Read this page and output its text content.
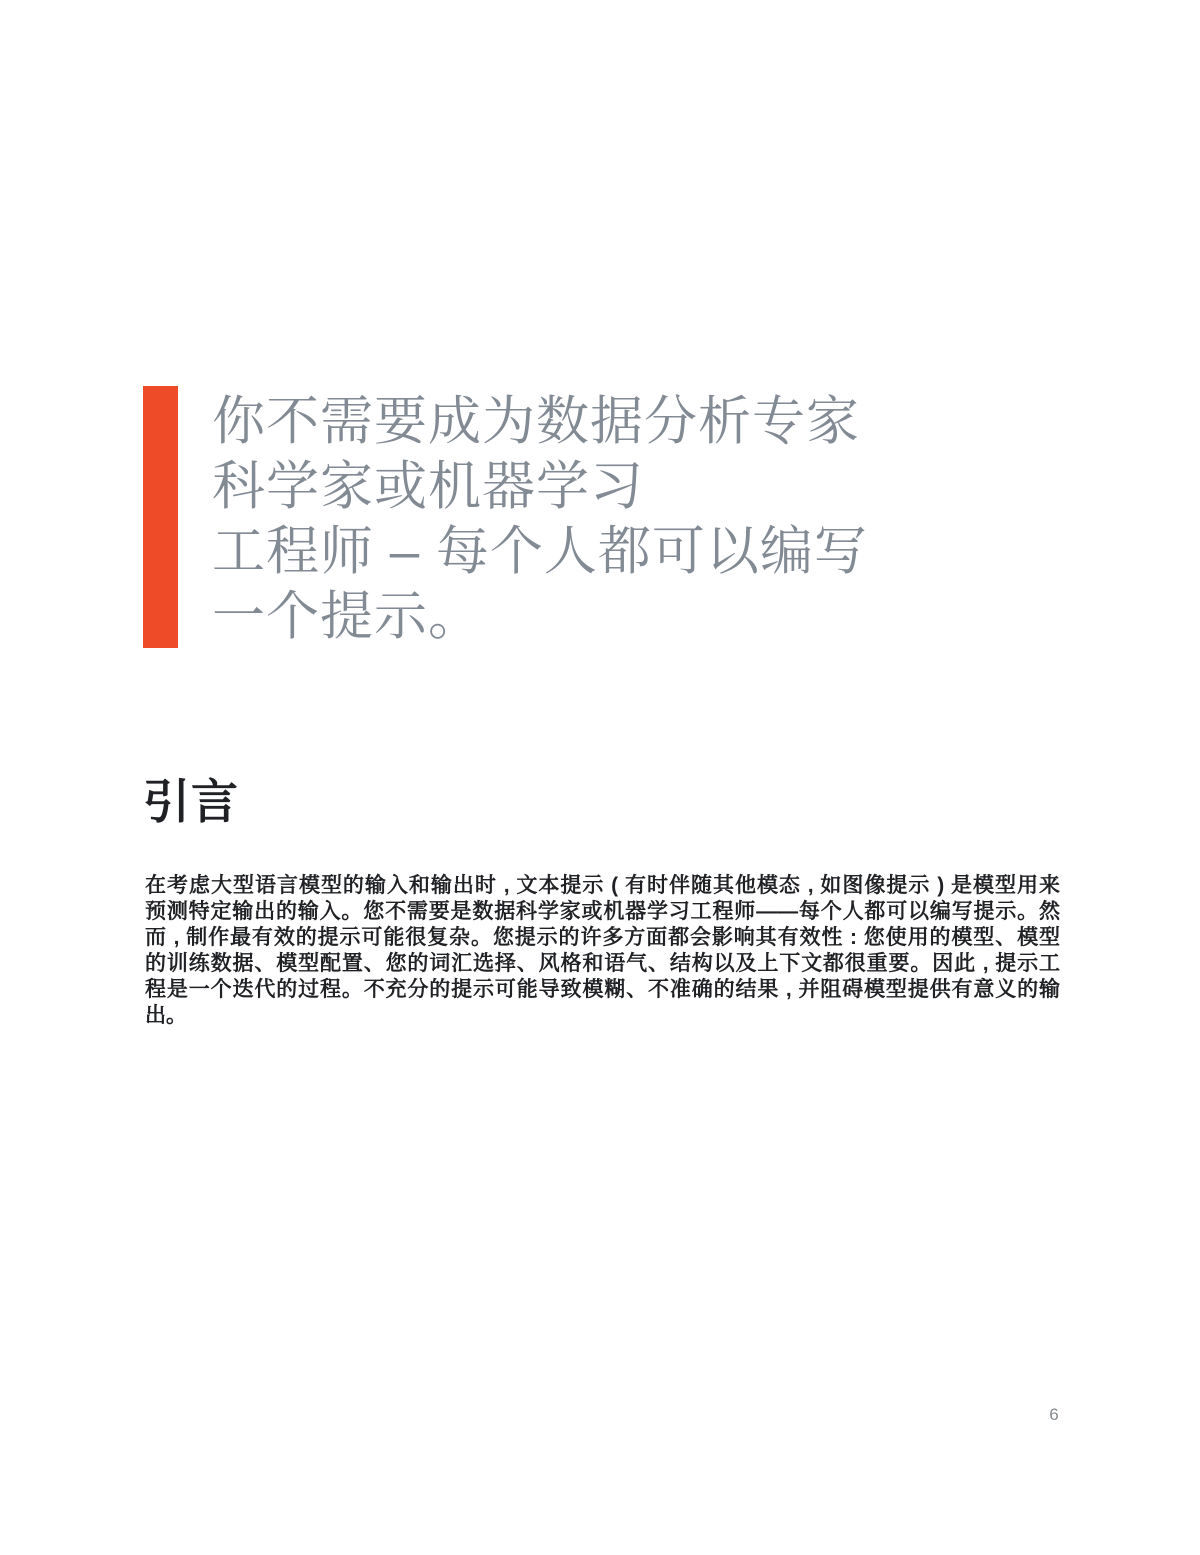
你不需要成为数据分析专家
科学家或机器学习
工程师 – 每个人都可以编写
一个提示。
引言
在考虑大型语言模型的输入和输出时 , 文本提示 ( 有时伴随其他模态 , 如图像提示 ) 是模型用来
预测特定输出的输入。您不需要是数据科学家或机器学习工程师——每个人都可以编写提示。然
而 , 制作最有效的提示可能很复杂。您提示的许多方面都会影响其有效性 : 您使用的模型、模型
的训练数据、模型配置、您的词汇选择、风格和语气、结构以及上下文都很重要。因此 , 提示工
程是一个迭代的过程。不充分的提示可能导致模糊、不准确的结果 , 并阻碍模型提供有意义的输
出。
6
